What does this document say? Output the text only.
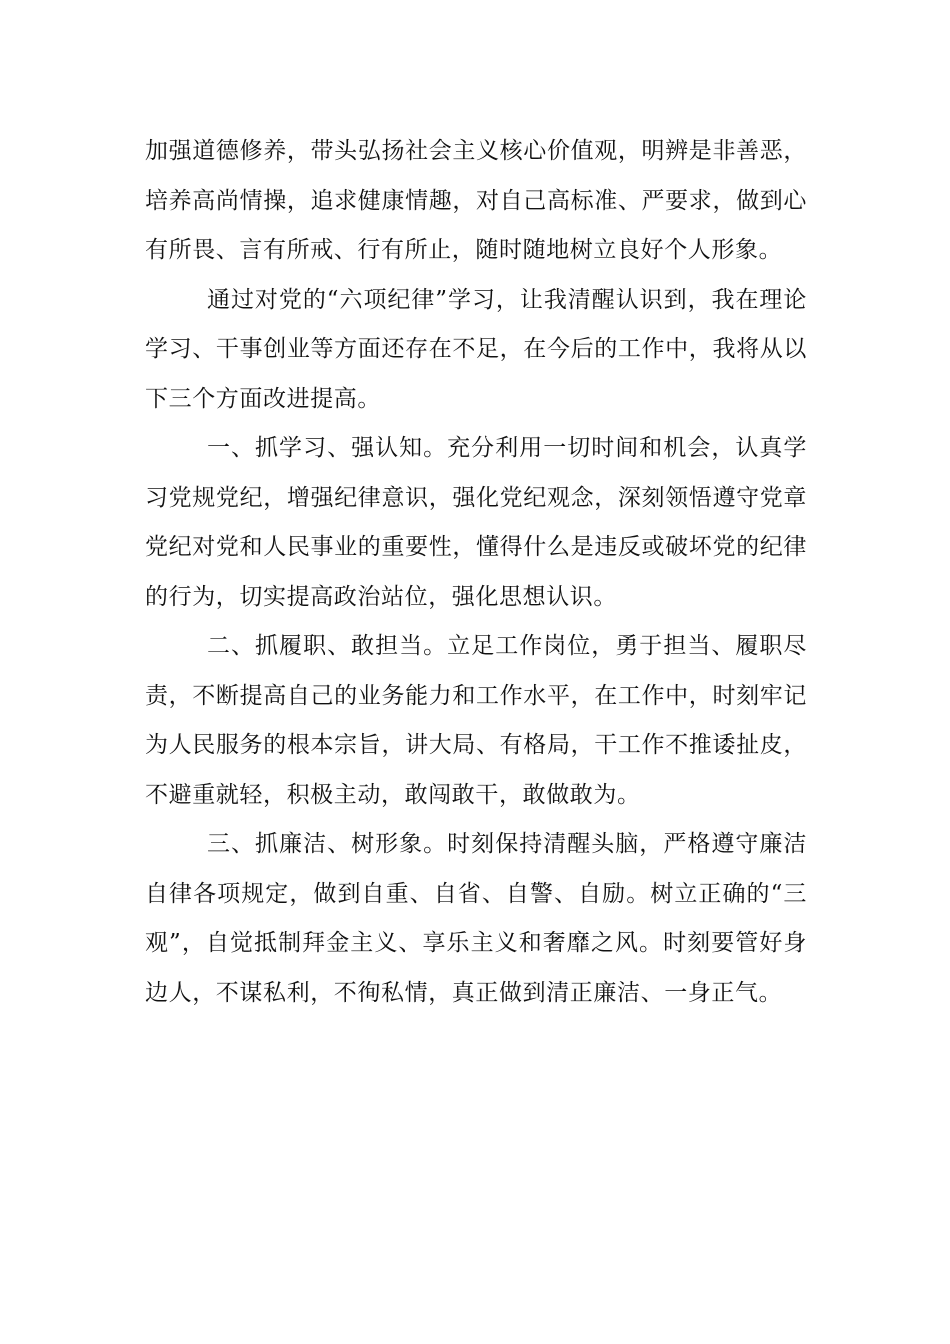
加强道德修养，带头弘扬社会主义核心价值观，明辨是非善恶，培养高尚情操，追求健康情趣，对自己高标准、严要求，做到心有所畏、言有所戒、行有所止，随时随地树立良好个人形象。

通过对党的“六项纪律”学习，让我清醒认识到，我在理论学习、干事创业等方面还存在不足，在今后的工作中，我将从以下三个方面改进提高。

一、抓学习、强认知。充分利用一切时间和机会，认真学习党规党纪，增强纪律意识，强化党纪观念，深刻领悟遵守党章党纪对党和人民事业的重要性，懂得什么是违反或破坏党的纪律的行为，切实提高政治站位，强化思想认识。

二、抓履职、敢担当。立足工作岗位，勇于担当、履职尽责，不断提高自己的业务能力和工作水平，在工作中，时刻牢记为人民服务的根本宗旨，讲大局、有格局，干工作不推诿扯皮，不避重就轻，积极主动，敢闯敢干，敢做敢为。

三、抓廉洁、树形象。时刻保持清醒头脑，严格遵守廉洁自律各项规定，做到自重、自省、自警、自励。树立正确的“三观”，自觉抵制拜金主义、享乐主义和奢靡之风。时刻要管好身边人，不谋私利，不徇私情，真正做到清正廉洁、一身正气。
